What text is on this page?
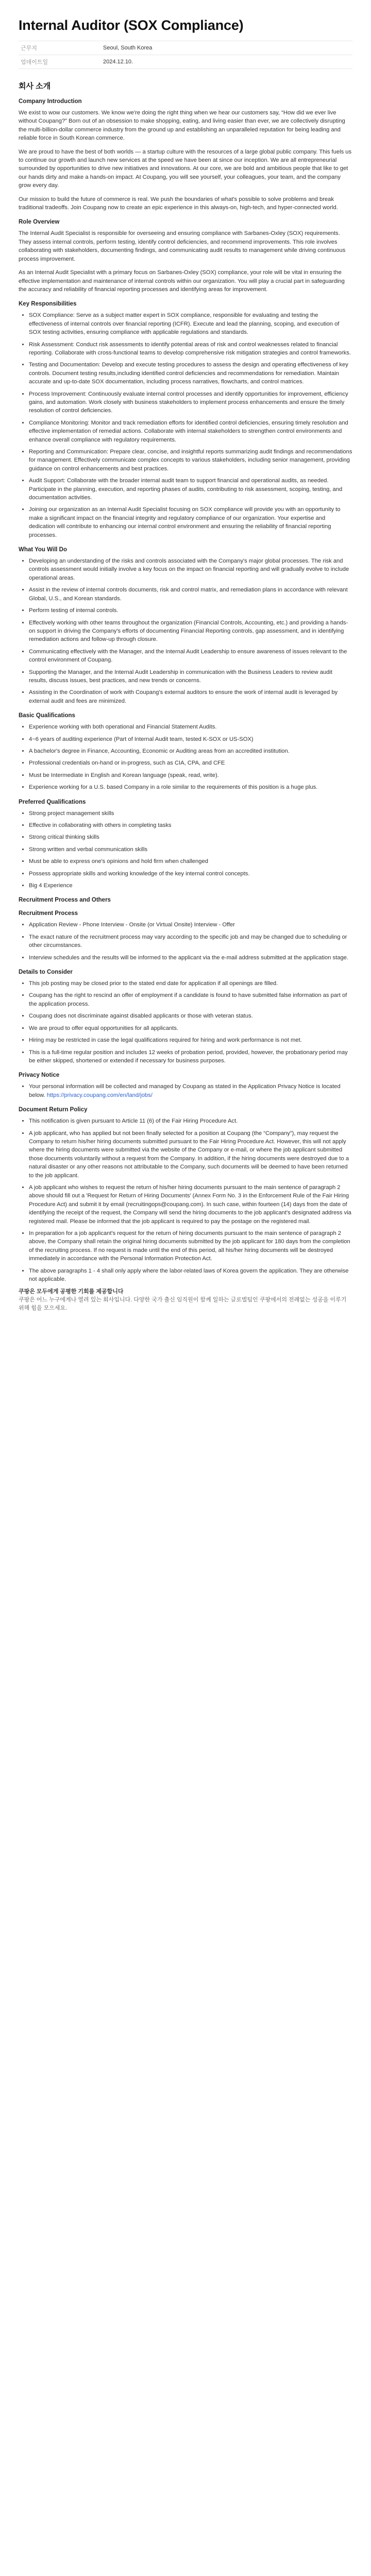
Internal Auditor (SOX Compliance)
근무지	Seoul, South Korea
업데이트일	2024.12.10.
회사 소개
Company Introduction

We exist to wow our customers. We know we're doing the right thing when we hear our customers say, “How did we ever live without Coupang?” Born out of an obsession to make shopping, eating, and living easier than ever, we are collectively disrupting the multi-billion-dollar commerce industry from the ground up and establishing an unparalleled reputation for being leading and reliable force in South Korean commerce.

We are proud to have the best of both worlds — a startup culture with the resources of a large global public company. This fuels us to continue our growth and launch new services at the speed we have been at since our inception. We are all entrepreneurial surrounded by opportunities to drive new initiatives and innovations. At our core, we are bold and ambitious people that like to get our hands dirty and make a hands-on impact. At Coupang, you will see yourself, your colleagues, your team, and the company grow every day.

Our mission to build the future of commerce is real. We push the boundaries of what's possible to solve problems and break traditional tradeoffs. Join Coupang now to create an epic experience in this always-on, high-tech, and hyper-connected world.

Role Overview

The Internal Audit Specialist is responsible for overseeing and ensuring compliance with Sarbanes-Oxley (SOX) requirements. They assess internal controls, perform testing, identify control deficiencies, and recommend improvements. This role involves collaborating with stakeholders, documenting findings, and communicating audit results to management while driving continuous process improvement.

As an Internal Audit Specialist with a primary focus on Sarbanes-Oxley (SOX) compliance, your role will be vital in ensuring the effective implementation and maintenance of internal controls within our organization. You will play a crucial part in safeguarding the accuracy and reliability of financial reporting processes and identifying areas for improvement.

Key Responsibilities
• SOX Compliance: Serve as a subject matter expert in SOX compliance, responsible for evaluating and testing the effectiveness of internal controls over financial reporting (ICFR). Execute and lead the planning, scoping, and execution of SOX testing activities, ensuring compliance with applicable regulations and standards.
• Risk Assessment: Conduct risk assessments to identify potential areas of risk and control weaknesses related to financial reporting. Collaborate with cross-functional teams to develop comprehensive risk mitigation strategies and control frameworks.
• Testing and Documentation: Develop and execute testing procedures to assess the design and operating effectiveness of key controls. Document testing results,including identified control deficiencies and recommendations for remediation. Maintain accurate and up-to-date SOX documentation, including process narratives, flowcharts, and control matrices.
• Process Improvement: Continuously evaluate internal control processes and identify opportunities for improvement, efficiency gains, and automation. Work closely with business stakeholders to implement process enhancements and ensure the timely resolution of control deficiencies.
• Compliance Monitoring: Monitor and track remediation efforts for identified control deficiencies, ensuring timely resolution and effective implementation of remedial actions. Collaborate with internal stakeholders to strengthen control environments and enhance overall compliance with regulatory requirements.
• Reporting and Communication: Prepare clear, concise, and insightful reports summarizing audit findings and recommendations for management. Effectively communicate complex concepts to various stakeholders, including senior management, providing guidance on control enhancements and best practices.
• Audit Support: Collaborate with the broader internal audit team to support financial and operational audits, as needed. Participate in the planning, execution, and reporting phases of audits, contributing to risk assessment, scoping, testing, and documentation activities.
• Joining our organization as an Internal Audit Specialist focusing on SOX compliance will provide you with an opportunity to make a significant impact on the financial integrity and regulatory compliance of our organization. Your expertise and dedication will contribute to enhancing our internal control environment and ensuring the reliability of financial reporting processes.
What You Will Do
• Developing an understanding of the risks and controls associated with the Company's major global processes. The risk and controls assessment would initially involve a key focus on the impact on financial reporting and will gradually evolve to include operational areas.
• Assist in the review of internal controls documents, risk and control matrix, and remediation plans in accordance with relevant Global, U.S., and Korean standards.
• Perform testing of internal controls.
• Effectively working with other teams throughout the organization (Financial Controls, Accounting, etc.) and providing a hands-on support in driving the Company's efforts of documenting Financial Reporting controls, gap assessment, and in identifying remediation actions and follow-up through closure.
• Communicating effectively with the Manager, and the Internal Audit Leadership to ensure awareness of issues relevant to the control environment of Coupang.
• Supporting the Manager, and the Internal Audit Leadership in communication with the Business Leaders to review audit results, discuss issues, best practices, and new trends or concerns.
• Assisting in the Coordination of work with Coupang's external auditors to ensure the work of internal audit is leveraged by external audit and fees are minimized.
Basic Qualifications
• Experience working with both operational and Financial Statement Audits.
• 4~6 years of auditing experience (Part of Internal Audit team, tested K-SOX or US-SOX)
• A bachelor's degree in Finance, Accounting, Economic or Auditing areas from an accredited institution.
• Professional credentials on-hand or in-progress, such as CIA, CPA, and CFE
• Must be Intermediate in English and Korean language (speak, read, write).
• Experience working for a U.S. based Company in a role similar to the requirements of this position is a huge plus.
Preferred Qualifications
• Strong project management skills
• Effective in collaborating with others in completing tasks
• Strong critical thinking skills
• Strong written and verbal communication skills
• Must be able to express one's opinions and hold firm when challenged
• Possess appropriate skills and working knowledge of the key internal control concepts.
• Big 4 Experience
Recruitment Process and Others
Recruitment Process
• Application Review - Phone Interview - Onsite (or Virtual Onsite) Interview - Offer
• The exact nature of the recruitment process may vary according to the specific job and may be changed due to scheduling or other circumstances.
• Interview schedules and the results will be informed to the applicant via the e-mail address submitted at the application stage.
Details to Consider
• This job posting may be closed prior to the stated end date for application if all openings are filled.
• Coupang has the right to rescind an offer of employment if a candidate is found to have submitted false information as part of the application process.
• Coupang does not discriminate against disabled applicants or those with veteran status.
• We are proud to offer equal opportunities for all applicants.
• Hiring may be restricted in case the legal qualifications required for hiring and work performance is not met.
• This is a full-time regular position and includes 12 weeks of probation period, provided, however, the probationary period may be either skipped, shortened or extended if necessary for business purposes.
Privacy Notice
• Your personal information will be collected and managed by Coupang as stated in the Application Privacy Notice is located below. https://privacy.coupang.com/en/land/jobs/
Document Return Policy
• This notification is given pursuant to Article 11 (6) of the Fair Hiring Procedure Act.
• A job applicant, who has applied but not been finally selected for a position at Coupang (the “Company”), may request the Company to return his/her hiring documents submitted pursuant to the Fair Hiring Procedure Act. However, this will not apply where the hiring documents were submitted via the website of the Company or e-mail, or where the job applicant submitted those documents voluntarily without a request from the Company. In addition, if the hiring documents were destroyed due to a natural disaster or any other reasons not attributable to the Company, such documents will be deemed to have been returned to the job applicant.
• A job applicant who wishes to request the return of his/her hiring documents pursuant to the main sentence of paragraph 2 above should fill out a 'Request for Return of Hiring Documents' (Annex Form No. 3 in the Enforcement Rule of the Fair Hiring Procedure Act) and submit it by email (recruitingops@coupang.com). In such case, within fourteen (14) days from the date of identifying the receipt of the request, the Company will send the hiring documents to the job applicant's designated address via registered mail. Please be informed that the job applicant is required to pay the postage on the registered mail.
• In preparation for a job applicant's request for the return of hiring documents pursuant to the main sentence of paragraph 2 above, the Company shall retain the original hiring documents submitted by the job applicant for 180 days from the completion of the recruiting process. If no request is made until the end of this period, all his/her hiring documents will be destroyed immediately in accordance with the Personal Information Protection Act.
• The above paragraphs 1 - 4 shall only apply where the labor-related laws of Korea govern the application. They are otherwise not applicable.
쿠팡은 모두에게 공평한 기회를 제공합니다
쿠팡은 어느 누구에게나 열려 있는 회사입니다. 다양한 국가 출신 임직원이 함께 일하는 글로벌팀인 쿠팡에서의 전례없는 성공을 이루기 위해 힘을 모으세요.
